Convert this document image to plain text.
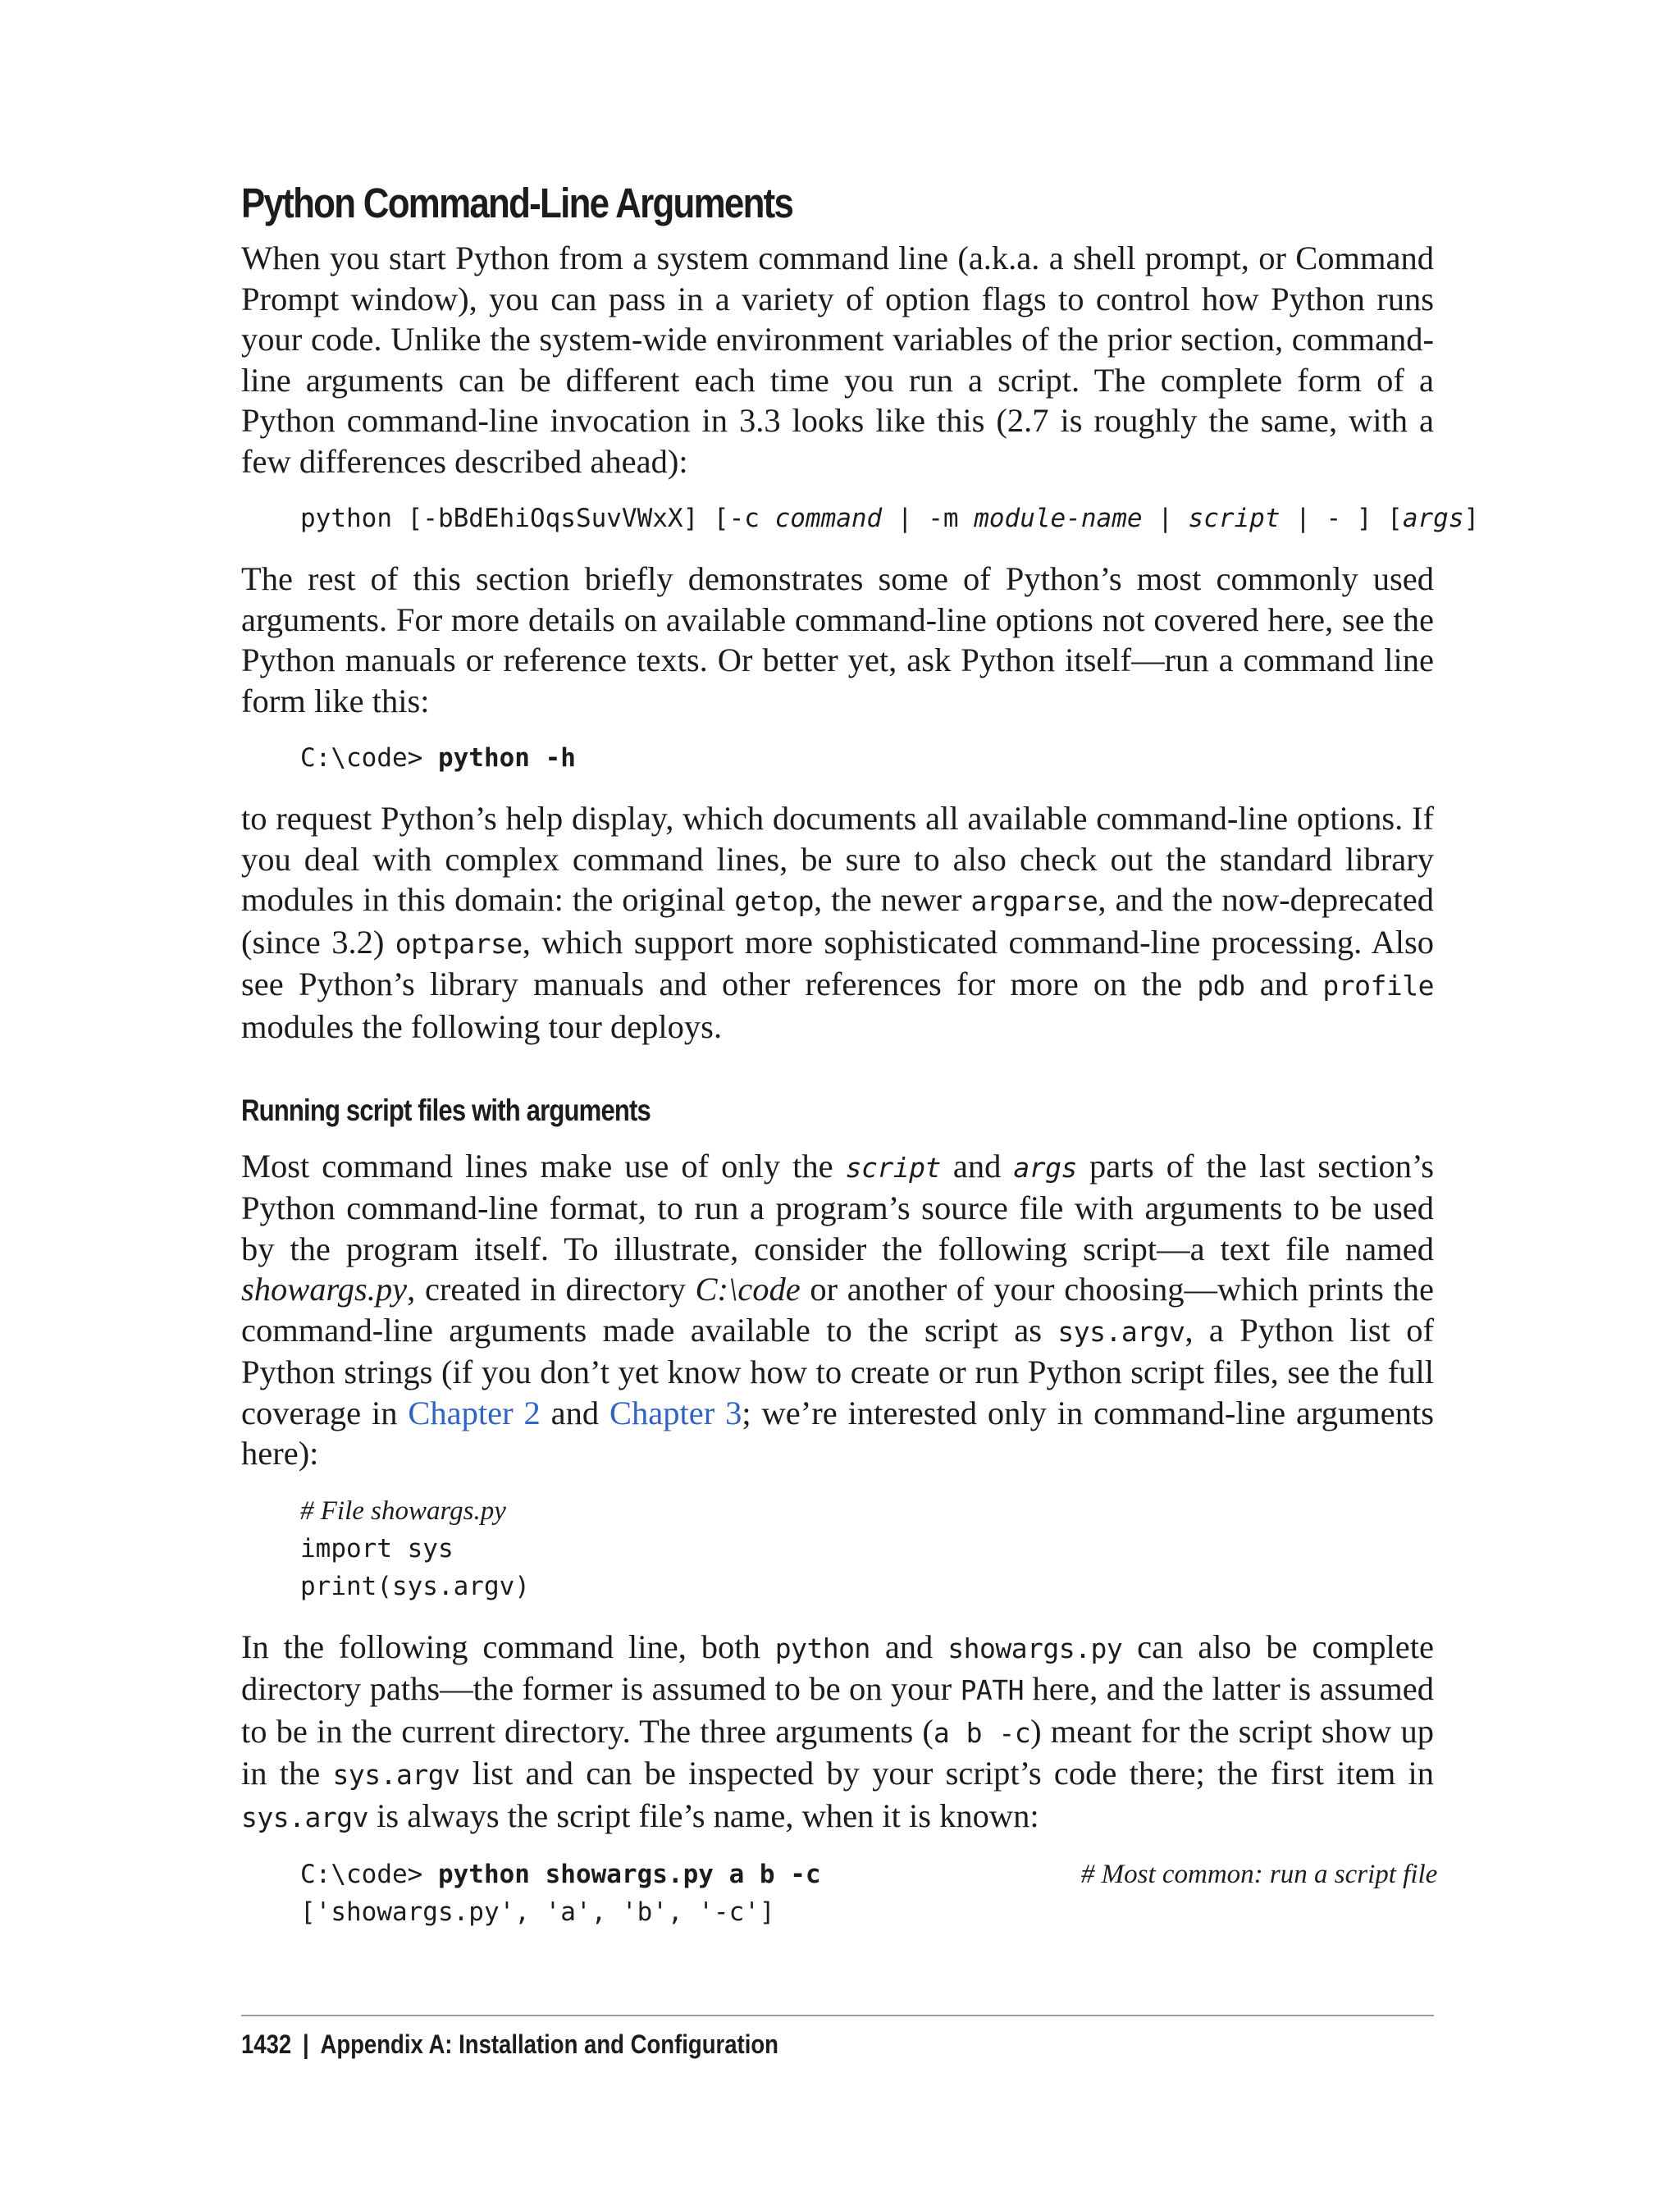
Python Command-Line Arguments

When you start Python from a system command line (a.k.a. a shell prompt, or Command Prompt window), you can pass in a variety of option flags to control how Python runs your code. Unlike the system-wide environment variables of the prior section, command-line arguments can be different each time you run a script. The complete form of a Python command-line invocation in 3.3 looks like this (2.7 is roughly the same, with a few differences described ahead):

python [-bBdEhiOqsSuvVWxX] [-c command | -m module-name | script | - ] [args]

The rest of this section briefly demonstrates some of Python’s most commonly used arguments. For more details on available command-line options not covered here, see the Python manuals or reference texts. Or better yet, ask Python itself—run a command line form like this:

C:\code> python -h

to request Python’s help display, which documents all available command-line options. If you deal with complex command lines, be sure to also check out the standard library modules in this domain: the original getop, the newer argparse, and the now-deprecated (since 3.2) optparse, which support more sophisticated command-line processing. Also see Python’s library manuals and other references for more on the pdb and profile modules the following tour deploys.

Running script files with arguments

Most command lines make use of only the script and args parts of the last section’s Python command-line format, to run a program’s source file with arguments to be used by the program itself. To illustrate, consider the following script—a text file named showargs.py, created in directory C:\code or another of your choosing—which prints the command-line arguments made available to the script as sys.argv, a Python list of Python strings (if you don’t yet know how to create or run Python script files, see the full coverage in Chapter 2 and Chapter 3; we’re interested only in command-line arguments here):

# File showargs.py
import sys
print(sys.argv)

In the following command line, both python and showargs.py can also be complete directory paths—the former is assumed to be on your PATH here, and the latter is assumed to be in the current directory. The three arguments (a b -c) meant for the script show up in the sys.argv list and can be inspected by your script’s code there; the first item in sys.argv is always the script file’s name, when it is known:

C:\code> python showargs.py a b -c	# Most common: run a script file
['showargs.py', 'a', 'b', '-c']
1432 | Appendix A: Installation and Configuration
